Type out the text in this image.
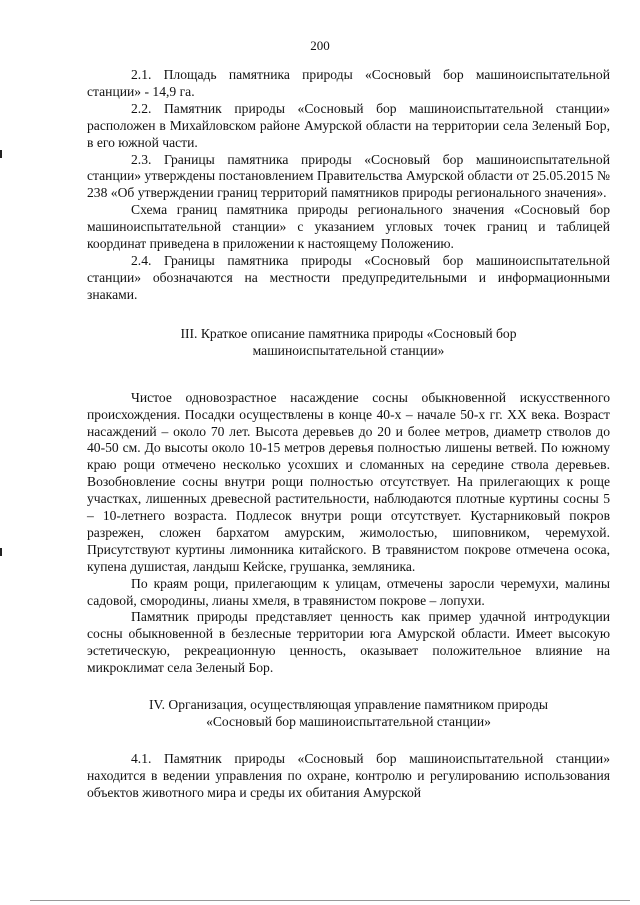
200

2.1. Площадь памятника природы «Сосновый бор машиноиспытательной станции» - 14,9 га.

2.2. Памятник природы «Сосновый бор машиноиспытательной станции» расположен в Михайловском районе Амурской области на территории села Зеленый Бор, в его южной части.

2.3. Границы памятника природы «Сосновый бор машиноиспытательной станции» утверждены постановлением Правительства Амурской области от 25.05.2015 № 238 «Об утверждении границ территорий памятников природы регионального значения».

Схема границ памятника природы регионального значения «Сосновый бор машиноиспытательной станции» с указанием угловых точек границ и таблицей координат приведена в приложении к настоящему Положению.

2.4. Границы памятника природы «Сосновый бор машиноиспытательной станции» обозначаются на местности предупредительными и информационными знаками.

III. Краткое описание памятника природы «Сосновый бор машиноиспытательной станции»

Чистое одновозрастное насаждение сосны обыкновенной искусственного происхождения. Посадки осуществлены в конце 40-х – начале 50-х гг. XX века. Возраст насаждений – около 70 лет. Высота деревьев до 20 и более метров, диаметр стволов до 40-50 см. До высоты около 10-15 метров деревья полностью лишены ветвей. По южному краю рощи отмечено несколько усохших и сломанных на середине ствола деревьев. Возобновление сосны внутри рощи полностью отсутствует. На прилегающих к роще участках, лишенных древесной растительности, наблюдаются плотные куртины сосны 5 – 10-летнего возраста. Подлесок внутри рощи отсутствует. Кустарниковый покров разрежен, сложен бархатом амурским, жимолостью, шиповником, черемухой. Присутствуют куртины лимонника китайского. В травянистом покрове отмечена осока, купена душистая, ландыш Кейске, грушанка, земляника.

По краям рощи, прилегающим к улицам, отмечены заросли черемухи, малины садовой, смородины, лианы хмеля, в травянистом покрове – лопухи.

Памятник природы представляет ценность как пример удачной интродукции сосны обыкновенной в безлесные территории юга Амурской области. Имеет высокую эстетическую, рекреационную ценность, оказывает положительное влияние на микроклимат села Зеленый Бор.

IV. Организация, осуществляющая управление памятником природы «Сосновый бор машиноиспытательной станции»

4.1. Памятник природы «Сосновый бор машиноиспытательной станции» находится в ведении управления по охране, контролю и регулированию использования объектов животного мира и среды их обитания Амурской
